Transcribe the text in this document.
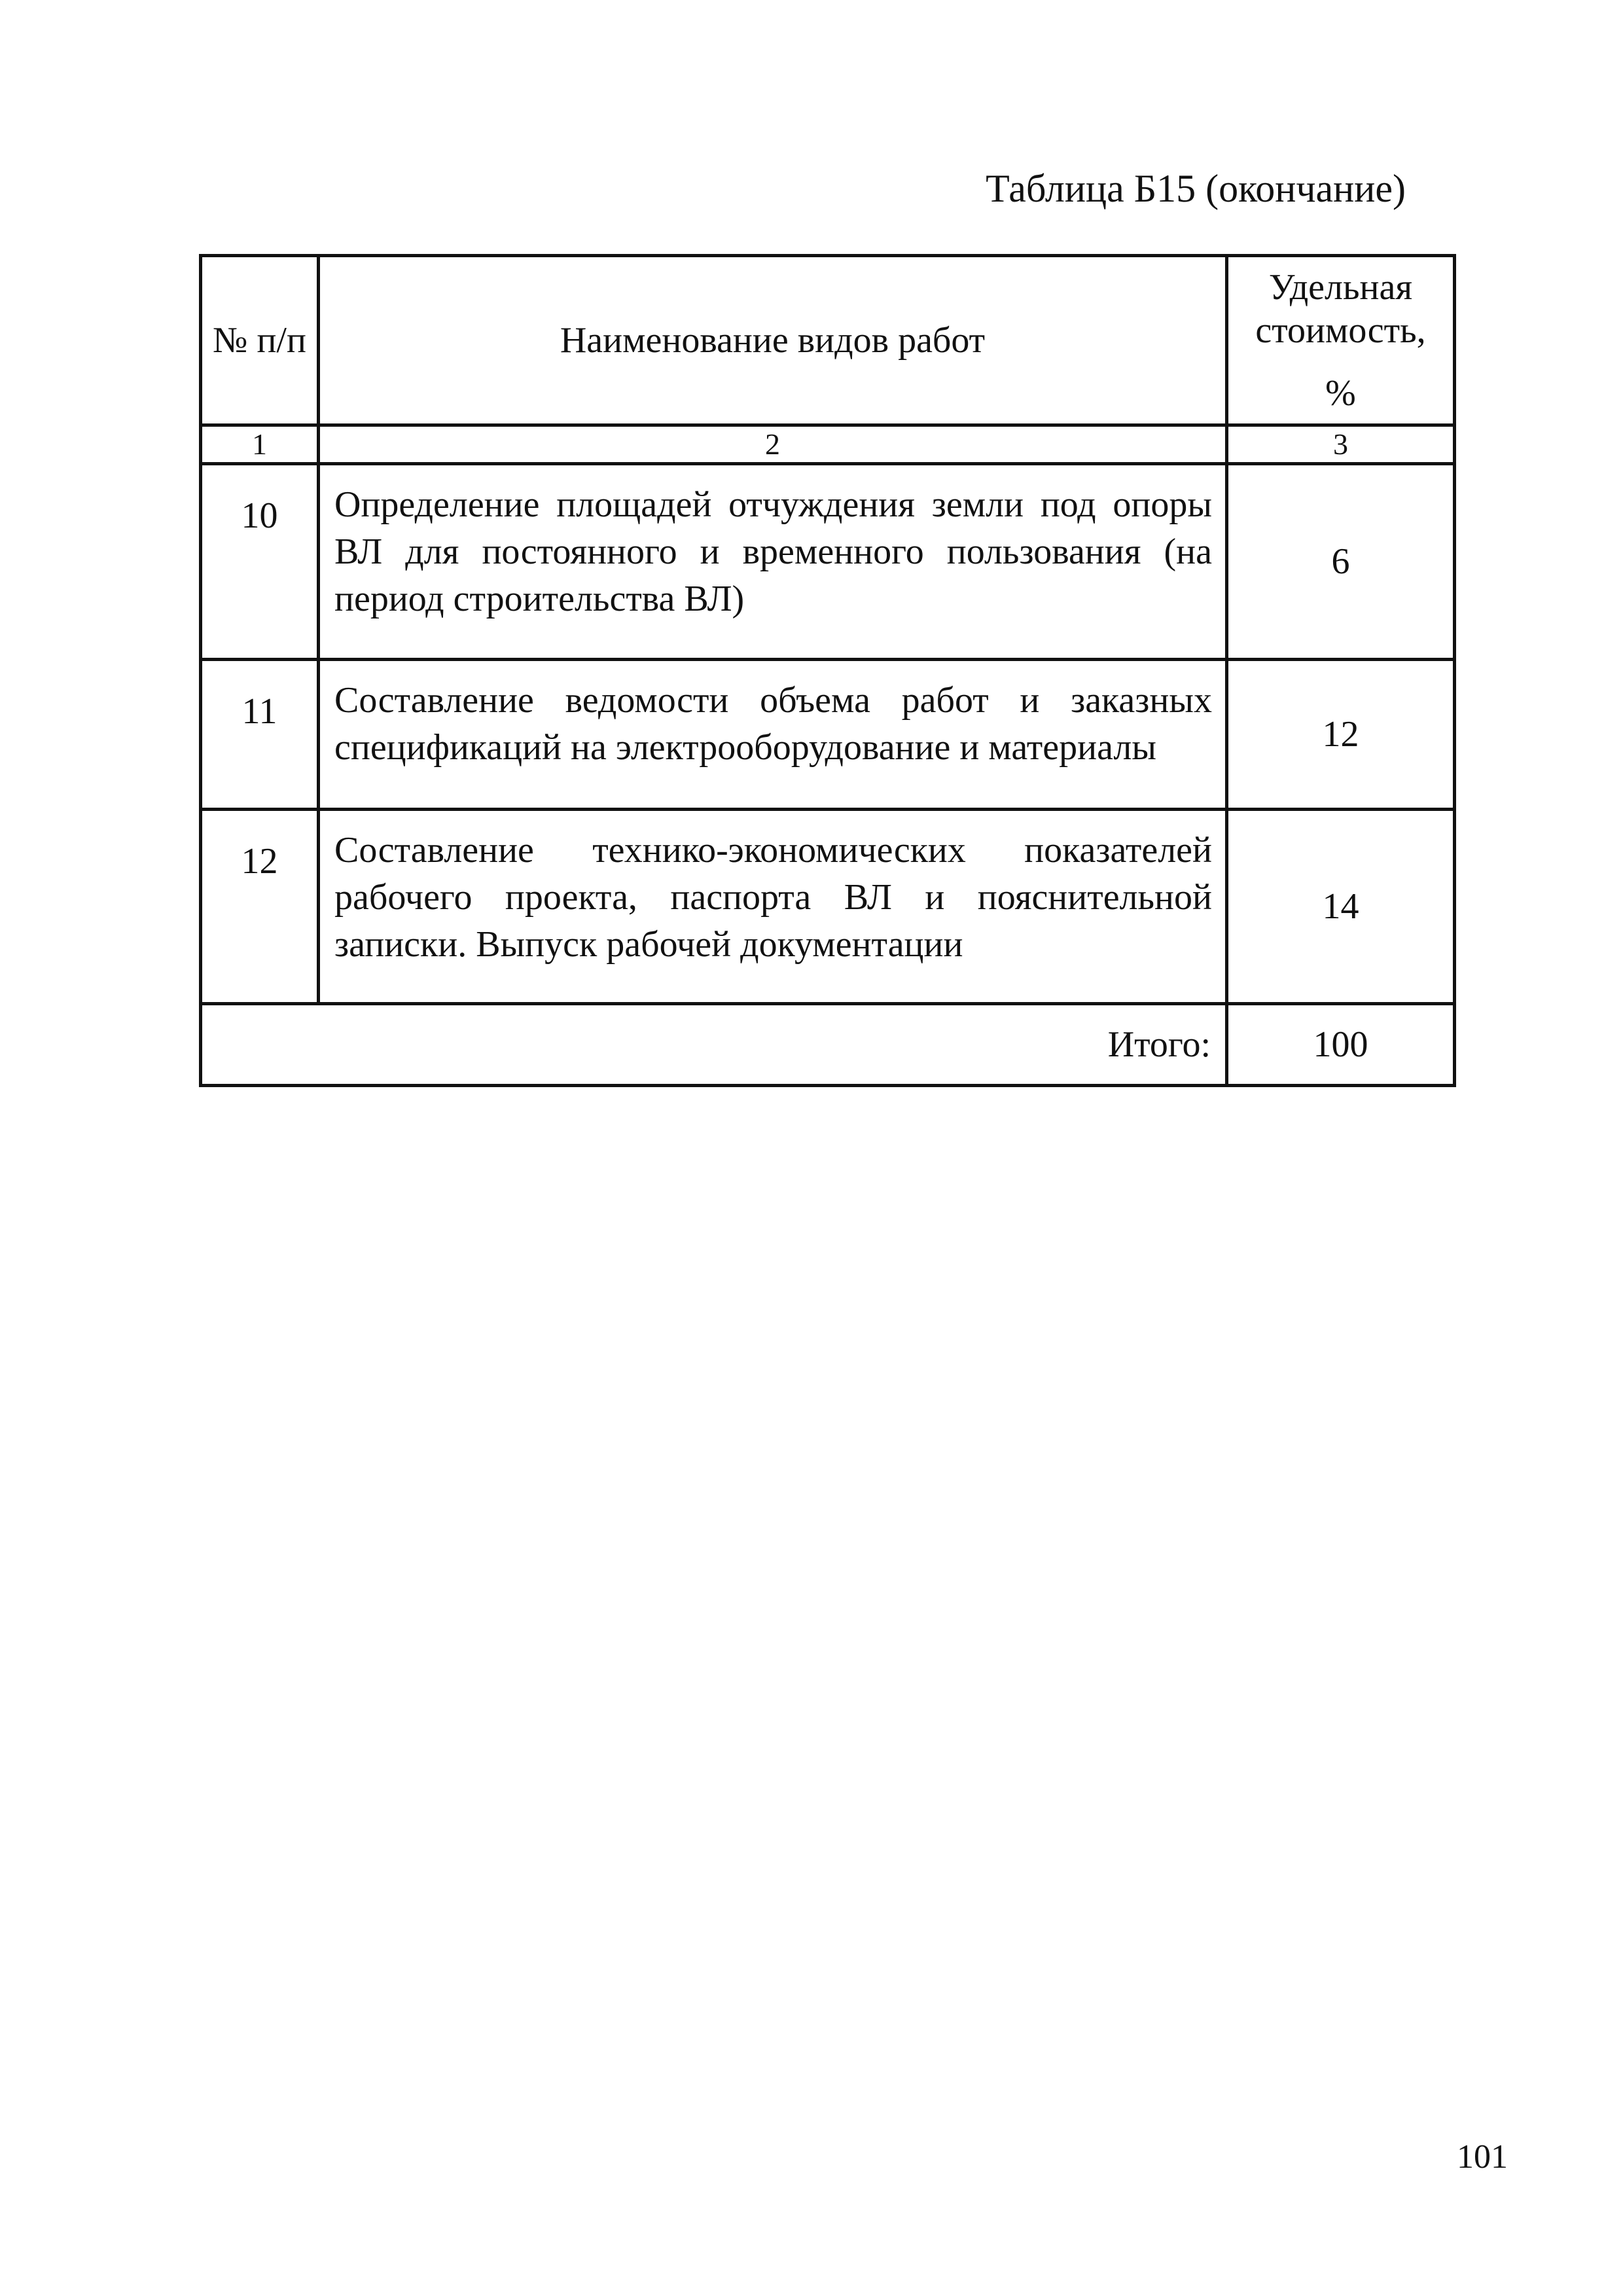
Таблица Б15 (окончание)
№ п/п	Наименование видов работ	Удельная стоимость,
%

1	2	3
10	Определение площадей отчуждения земли под опоры ВЛ для постоянного и временного пользования (на период строительства ВЛ)	6
11	Составление ведомости объема работ и заказных спецификаций на электрооборудование и материалы	12
12	Составление технико-экономических показателей рабочего проекта, паспорта ВЛ и пояснительной записки. Выпуск рабочей документации	14
Итого:		100
101
